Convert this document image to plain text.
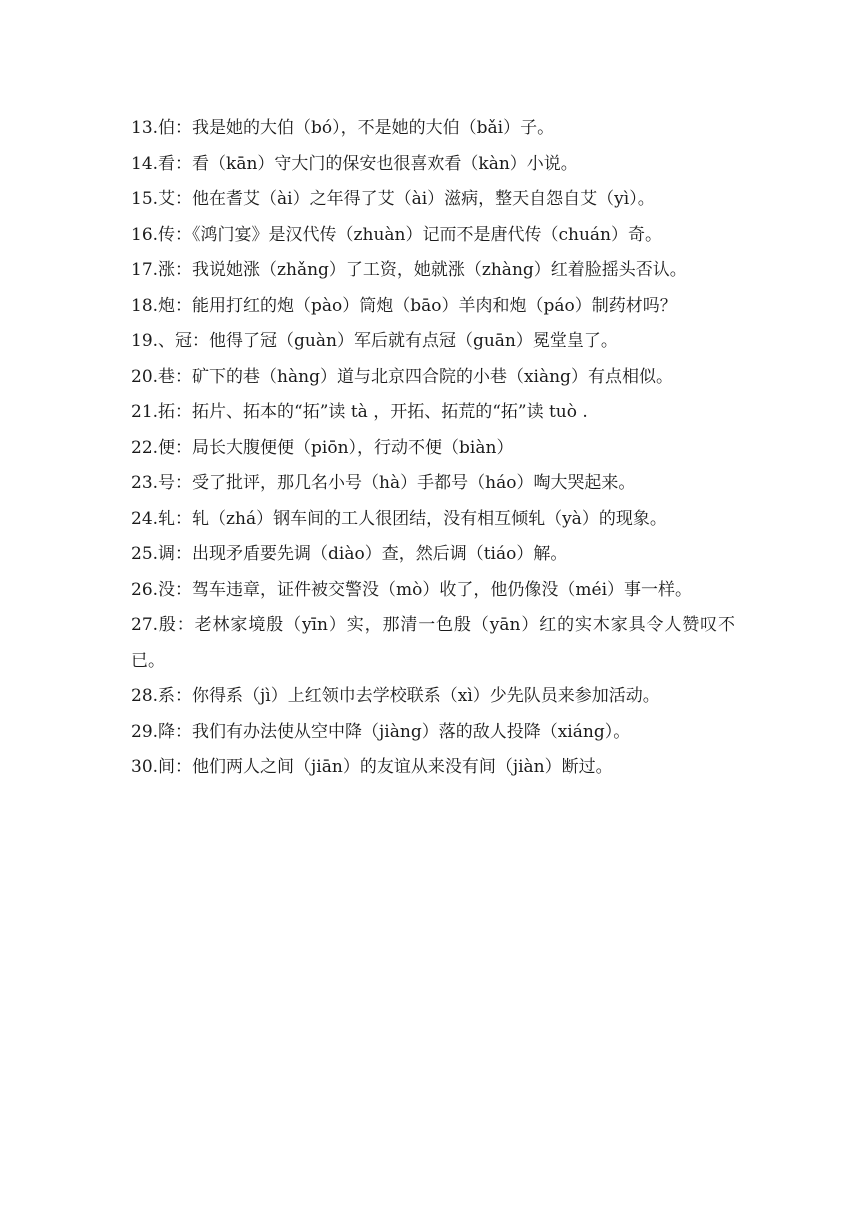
13.伯：我是她的大伯（bó），不是她的大伯（bǎi）子。
14.看：看（kān）守大门的保安也很喜欢看（kàn）小说。
15.艾：他在耆艾（ài）之年得了艾（ài）滋病，整天自怨自艾（yì）。
16.传：《鸿门宴》是汉代传（zhuàn）记而不是唐代传（chuán）奇。
17.涨：我说她涨（zhǎng）了工资，她就涨（zhàng）红着脸摇头否认。
18.炮：能用打红的炮（pào）筒炮（bāo）羊肉和炮（páo）制药材吗？
19.、冠：他得了冠（guàn）军后就有点冠（guān）冕堂皇了。
20.巷：矿下的巷（hàng）道与北京四合院的小巷（xiàng）有点相似。
21.拓：拓片、拓本的“拓”读 tà ，开拓、拓荒的“拓”读 tuò .
22.便：局长大腹便便（piōn），行动不便（biàn）
23.号：受了批评，那几名小号（hà）手都号（háo）啕大哭起来。
24.轧：轧（zhá）钢车间的工人很团结，没有相互倾轧（yà）的现象。
25.调：出现矛盾要先调（diào）查，然后调（tiáo）解。
26.没：驾车违章，证件被交警没（mò）收了，他仍像没（méi）事一样。
27.殷：老林家境殷（yīn）实，那清一色殷（yān）红的实木家具令人赞叹不已。
28.系：你得系（jì）上红领巾去学校联系（xì）少先队员来参加活动。
29.降：我们有办法使从空中降（jiàng）落的敌人投降（xiáng）。
30.间：他们两人之间（jiān）的友谊从来没有间（jiàn）断过。
